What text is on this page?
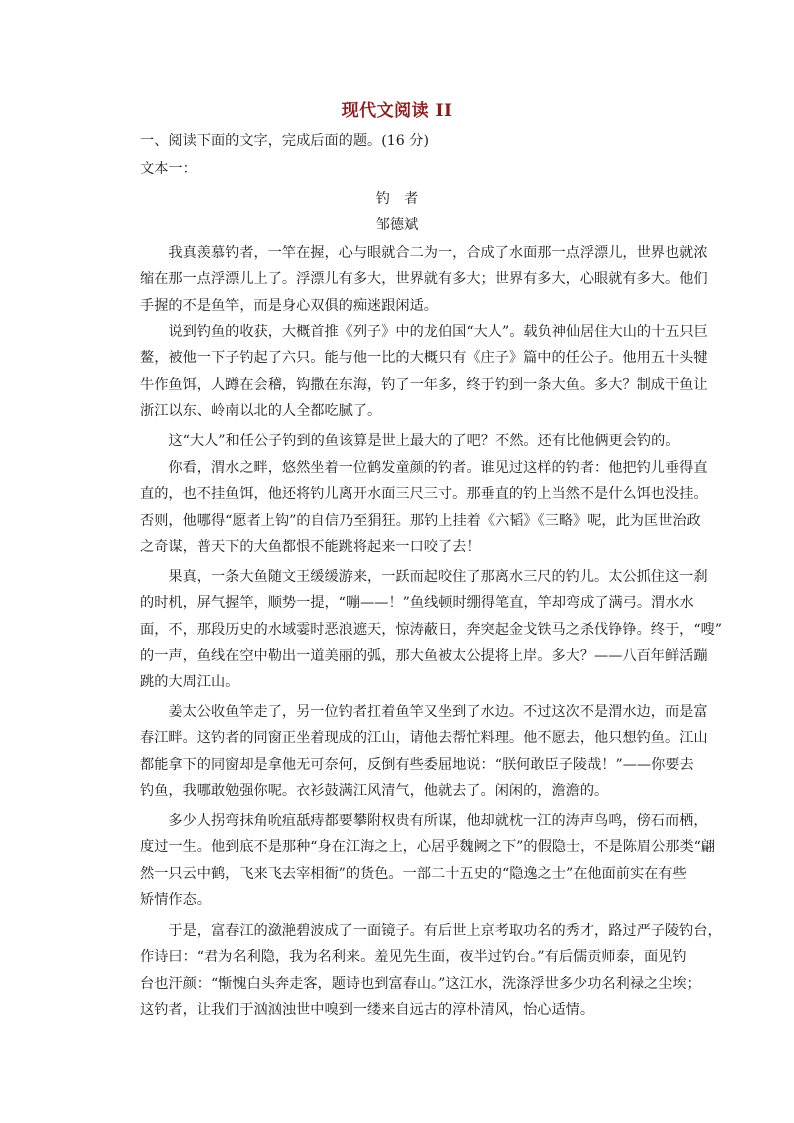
现代文阅读 II
一、阅读下面的文字，完成后面的题。(16 分)
文本一：
钓　者
邹德斌
　　我真羡慕钓者，一竿在握，心与眼就合二为一，合成了水面那一点浮漂儿，世界也就浓
缩在那一点浮漂儿上了。浮漂儿有多大，世界就有多大；世界有多大，心眼就有多大。他们
手握的不是鱼竿，而是身心双俱的痴迷跟闲适。
　　说到钓鱼的收获，大概首推《列子》中的龙伯国“大人”。载负神仙居住大山的十五只巨
鳌，被他一下子钓起了六只。能与他一比的大概只有《庄子》篇中的任公子。他用五十头犍
牛作鱼饵，人蹲在会稽，钩撒在东海，钓了一年多，终于钓到一条大鱼。多大？制成干鱼让
浙江以东、岭南以北的人全都吃腻了。
　　这“大人”和任公子钓到的鱼该算是世上最大的了吧？不然。还有比他俩更会钓的。
　　你看，渭水之畔，悠然坐着一位鹤发童颜的钓者。谁见过这样的钓者：他把钓儿垂得直
直的，也不挂鱼饵，他还将钓儿离开水面三尺三寸。那垂直的钓上当然不是什么饵也没挂。
否则，他哪得“愿者上钩”的自信乃至狷狂。那钓上挂着《六韬》《三略》呢，此为匡世治政
之奇谋，普天下的大鱼都恨不能跳将起来一口咬了去！
　　果真，一条大鱼随文王缓缓游来，一跃而起咬住了那离水三尺的钓儿。太公抓住这一刹
的时机，屏气握竿，顺势一提，“嘣——！”鱼线顿时绷得笔直，竿却弯成了满弓。渭水水
面，不，那段历史的水域霎时恶浪遮天，惊涛蔽日，奔突起金戈铁马之杀伐铮铮。终于，“嗖”
的一声，鱼线在空中勒出一道美丽的弧，那大鱼被太公提将上岸。多大？——八百年鲜活蹦
跳的大周江山。
　　姜太公收鱼竿走了，另一位钓者扛着鱼竿又坐到了水边。不过这次不是渭水边，而是富
春江畔。这钓者的同窗正坐着现成的江山，请他去帮忙料理。他不愿去，他只想钓鱼。江山
都能拿下的同窗却是拿他无可奈何，反倒有些委屈地说：“朕何敢臣子陵哉！”——你要去
钓鱼，我哪敢勉强你呢。衣衫鼓满江风清气，他就去了。闲闲的，澹澹的。
　　多少人拐弯抹角吮疽舐痔都要攀附权贵有所谋，他却就枕一江的涛声鸟鸣，傍石而栖，
度过一生。他到底不是那种“身在江海之上，心居乎魏阙之下”的假隐士，不是陈眉公那类“翩
然一只云中鹤，飞来飞去宰相衙”的货色。一部二十五史的“隐逸之士”在他面前实在有些
矫情作态。
　　于是，富春江的潋滟碧波成了一面镜子。有后世上京考取功名的秀才，路过严子陵钓台，
作诗曰：“君为名利隐，我为名利来。羞见先生面，夜半过钓台。”有后儒贡师泰，面见钓
台也汗颜：“惭愧白头奔走客，题诗也到富春山。”这江水，洗涤浮世多少功名利禄之尘埃；
这钓者，让我们于汹汹浊世中嗅到一缕来自远古的淳朴清风，怡心适情。
